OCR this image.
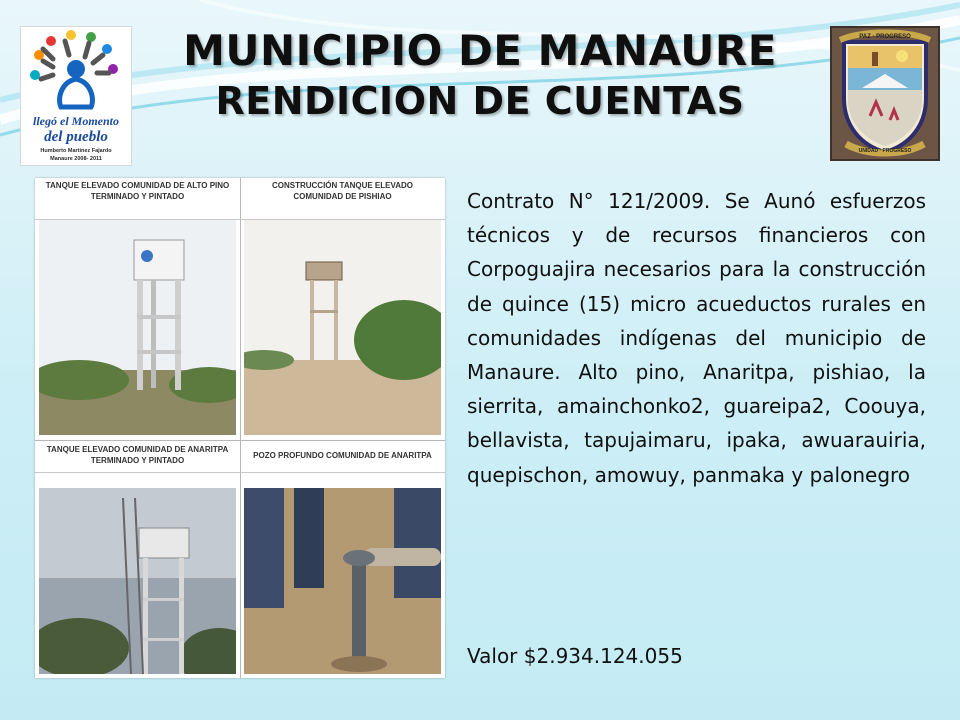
llegó el Momento
del pueblo
Humberto Martinez Fajardo
Manaure 2008- 2011
MUNICIPIO DE MANAURE
RENDICION DE CUENTAS
PAZ · PROGRESO
UNIDAD · PROGRESO
TANQUE ELEVADO COMUNIDAD DE ALTO PINO TERMINADO Y PINTADO
CONSTRUCCIÓN TANQUE ELEVADO COMUNIDAD DE PISHIAO
TANQUE ELEVADO COMUNIDAD DE ANARITPA TERMINADO Y PINTADO
POZO PROFUNDO COMUNIDAD DE ANARITPA
Contrato N° 121/2009. Se Aunó esfuerzos técnicos y de recursos financieros con Corpoguajira necesarios para la construcción de quince (15) micro acueductos rurales en comunidades indígenas del municipio de Manaure. Alto pino, Anaritpa, pishiao, la sierrita, amainchonko2, guareipa2, Coouya, bellavista, tapujaimaru, ipaka, awuarauiria, quepischon, amowuy, panmaka y palonegro
Valor $2.934.124.055
